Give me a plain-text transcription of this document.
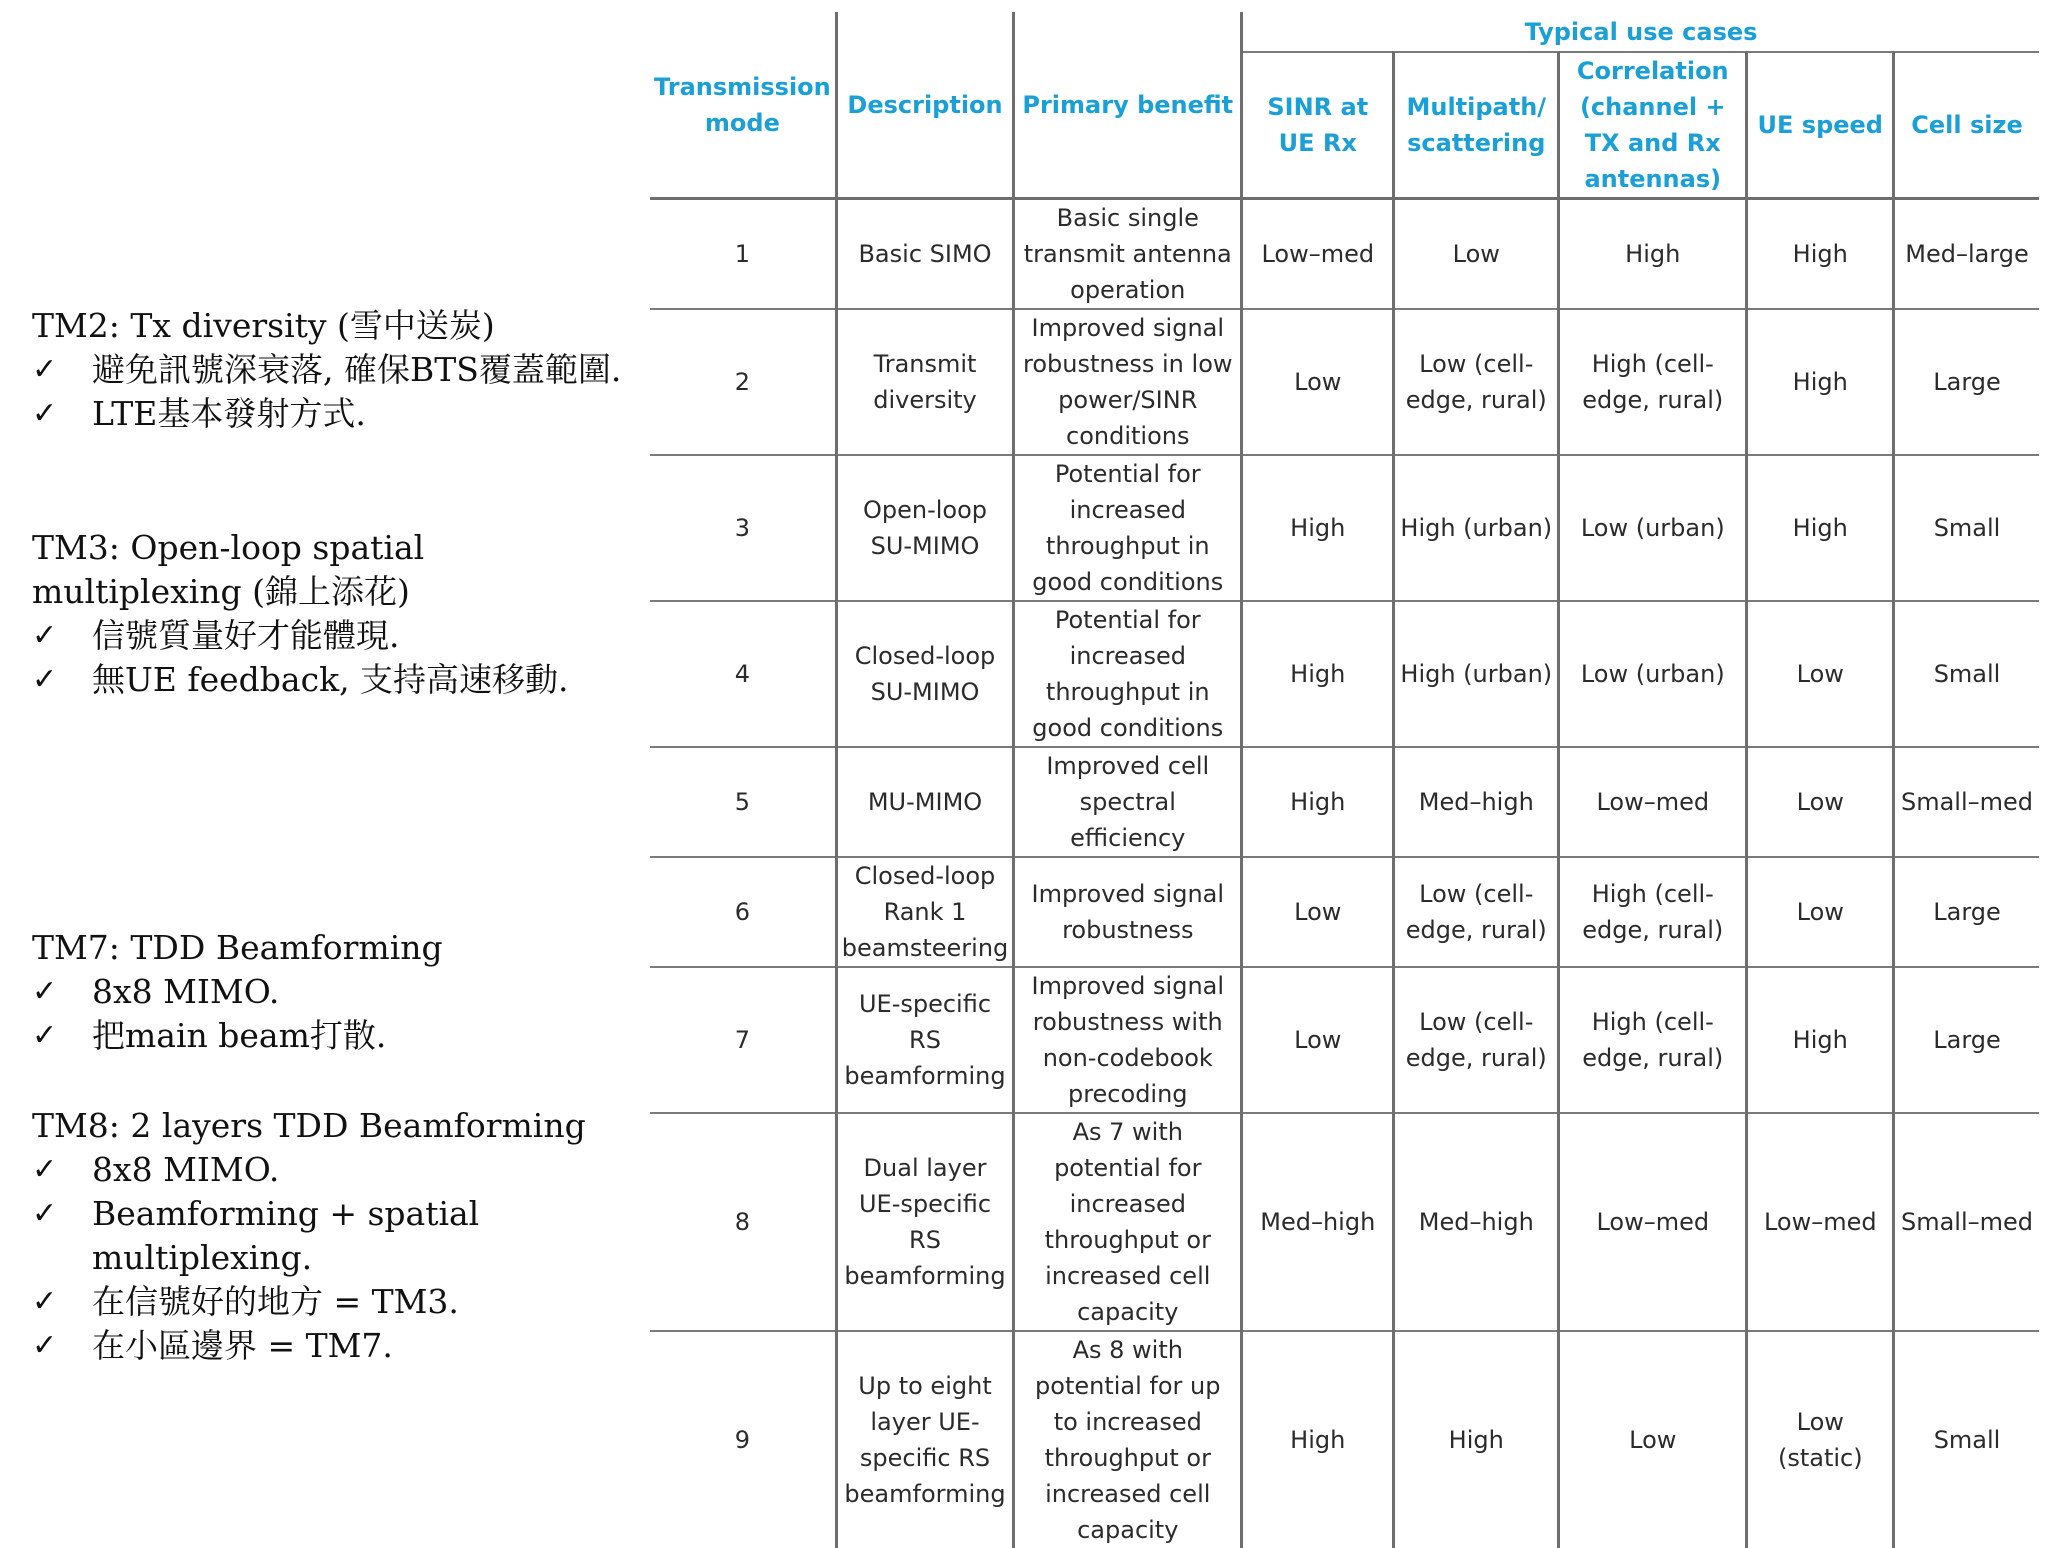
TM2: Tx diversity (雪中送炭)
✓	避免訊號深衰落, 確保BTS覆蓋範圍.
✓	LTE基本發射方式.
TM3: Open-loop spatial multiplexing (錦上添花)
✓	信號質量好才能體現.
✓	無UE feedback, 支持高速移動.
TM7: TDD Beamforming
✓	8x8 MIMO.
✓	把main beam打散.
TM8: 2 layers TDD Beamforming
✓	8x8 MIMO.
✓	Beamforming + spatial multiplexing.
✓	在信號好的地方 = TM3.
✓	在小區邊界 = TM7.
Transmission mode	Description	Primary benefit	Typical use cases				
			SINR at UE Rx	Multipath/ scattering	Correlation (channel + TX and Rx antennas)	UE speed	Cell size
1	Basic SIMO	Basic single transmit antenna operation	Low–med	Low	High	High	Med–large
2	Transmit diversity	Improved signal robustness in low power/SINR conditions	Low	Low (cell-edge, rural)	High (cell-edge, rural)	High	Large
3	Open-loop SU-MIMO	Potential for increased throughput in good conditions	High	High (urban)	Low (urban)	High	Small
4	Closed-loop SU-MIMO	Potential for increased throughput in good conditions	High	High (urban)	Low (urban)	Low	Small
5	MU-MIMO	Improved cell spectral efficiency	High	Med–high	Low–med	Low	Small–med
6	Closed-loop Rank 1 beamsteering	Improved signal robustness	Low	Low (cell-edge, rural)	High (cell-edge, rural)	Low	Large
7	UE-specific RS beamforming	Improved signal robustness with non-codebook precoding	Low	Low (cell-edge, rural)	High (cell-edge, rural)	High	Large
8	Dual layer UE-specific RS beamforming	As 7 with potential for increased throughput or increased cell capacity	Med–high	Med–high	Low–med	Low–med	Small–med
9	Up to eight layer UE-specific RS beamforming	As 8 with potential for up to increased throughput or increased cell capacity	High	High	Low	Low (static)	Small
